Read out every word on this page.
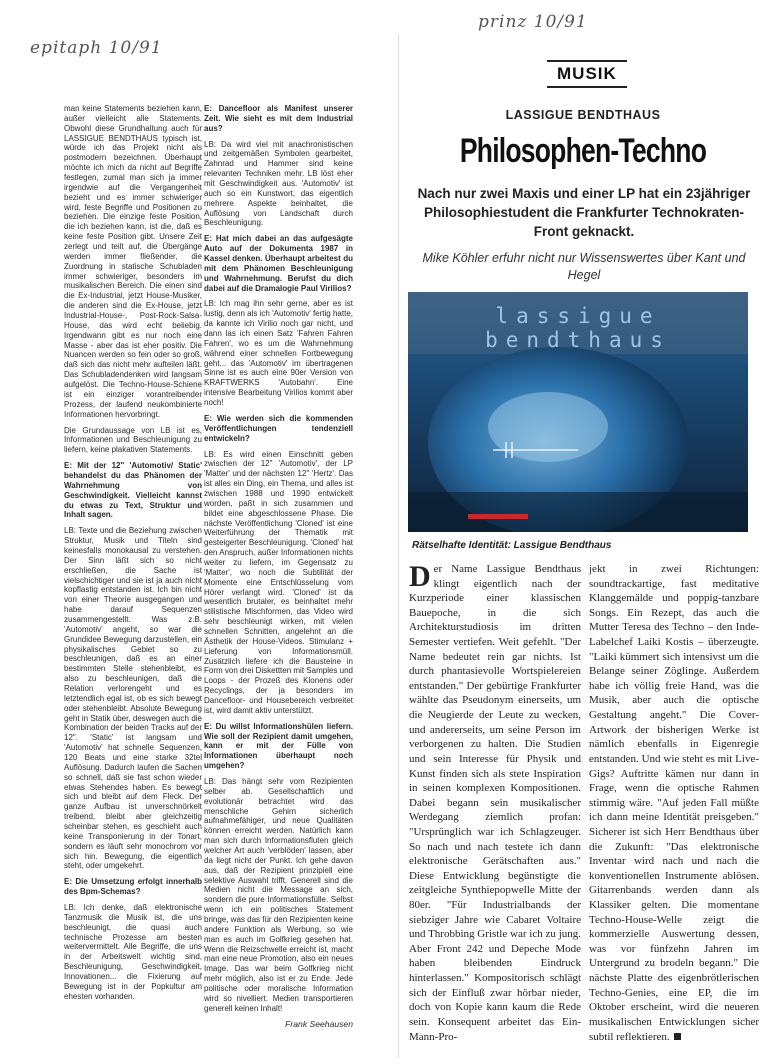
epitaph 10/91
prinz 10/91

man keine Statements beziehen kann, außer vielleicht alle Statements. Obwohl diese Grundhaltung auch für LASSIGUE BENDTHAUS typisch ist, würde ich das Projekt nicht als postmodern bezeichnen. Überhaupt möchte ich mich da nicht auf Begriffe festlegen, zumal man sich ja immer irgendwie auf die Vergangenheit bezieht und es immer schwieriger wird, feste Begriffe und Positionen zu beziehen. Die einzige feste Position, die ich beziehen kann, ist die, daß es keine feste Position gibt. Unsere Zeit zerlegt und teilt auf, die Übergänge werden immer fließender, die Zuordnung in statische Schubladen immer schwieriger, besonders im musikalischen Bereich. Die einen sind die Ex-Industrial, jetzt House-Musiker, die anderen sind die Ex-House, jetzt Industrial-House-, Post-Rock-Salsa-House, das wird echt beliebig. Irgendwann gibt es nur noch eine Masse - aber das ist eher positiv. Die Nuancen werden so fein oder so groß, daß sich das nicht mehr aufteilen läßt. Das Schubladendenken wird langsam aufgelöst. Die Techno-House-Schiene ist ein einziger vorantreibender Prozess, der laufend neukombinierte Informationen hervorbringt.

Die Grundaussage von LB ist es, Informationen und Beschleunigung zu liefern, keine plakativen Statements.

E: Mit der 12" 'Automotiv/ Static' behandelst du das Phänomen der Wahrnehmung von Geschwindigkeit. Vielleicht kannst du etwas zu Text, Struktur und Inhalt sagen.

LB: Texte und die Beziehung zwischen Struktur, Musik und Titeln sind keinesfalls monokausal zu verstehen. Der Sinn läßt sich so nicht erschließen, die Sache ist vielschichtiger und sie ist ja auch nicht kopflastig entstanden ist. Ich bin nicht von einer Theorie ausgegangen und habe darauf Sequenzen zusammengestellt. Was z.B. 'Automotiv' angeht, so war die Grundidee Bewegung darzustellen, ein physikalisches Gebiet so zu beschleunigen, daß es an einer bestimmten Stelle stehenbleibt, es also zu beschleunigen, daß die Relation verlorengeht und es letztendlich egal ist, ob es sich bewegt oder stehenbleibt. Absolute Bewegung geht in Statik über, deswegen auch die Kombination der beiden Tracks auf der 12". 'Static' ist langsam und 'Automotiv' hat schnelle Sequenzen, 120 Beats und eine starke 32tel Auflösung. Dadurch laufen die Sachen so schnell, daß sie fast schon wieder etwas Stehendes haben. Es bewegt sich und bleibt auf dem Fleck. Der ganze Aufbau ist unverschnörkelt treibend, bleibt aber gleichzeitig scheinbar stehen, es geschieht auch keine Transponierung in der Tonart, sondern es läuft sehr monochrom vor sich hin. Bewegung, die eigentlich steht, oder umgekehrt.

E: Die Umsetzung erfolgt innerhalb des Bpm-Schemas?

LB: Ich denke, daß elektronische Tanzmusik die Musik ist, die uns beschleunigt, die quasi auch technische Prozesse am besten weitervermittelt. Alle Begriffe, die uns in der Arbeitswelt wichtig sind, Beschleunigung, Geschwindigkeit, Innovationen... die Fixierung auf Bewegung ist in der Popkultur am ehesten vorhanden.

E: Dancefloor als Manifest unserer Zeit. Wie sieht es mit dem Industrial aus?

LB: Da wird viel mit anachronistischen und zeitgemäßen Symbolen gearbeitet, Zahnrad und Hammer sind keine relevanten Techniken mehr. LB löst eher mit Geschwindigkeit aus. 'Automotiv' ist auch so ein Kunstwort, das eigentlich mehrere Aspekte beinhaltet, die Auflösung von Landschaft durch Beschleunigung.

E: Hat mich dabei an das aufgesägte Auto auf der Dokumenta 1987 in Kassel denken. Überhaupt arbeitest du mit dem Phänomen Beschleunigung und Wahrnehmung. Berufst du dich dabei auf die Dramalogie Paul Virilios?

LB: Ich mag ihn sehr gerne, aber es ist lustig, denn als ich 'Automotiv' fertig hatte, da kannte ich Virilio noch gar nicht, und dann las ich einen Satz 'Fahren Fahren Fahren', wo es um die Wahrnehmung während einer schnellen Fortbewegung geht... das 'Automotiv' im übertragenen Sinne ist es auch eine 90er Version von KRAFTWERKS 'Autobahn'. Eine intensive Bearbeitung Virilios kommt aber noch!

E: Wie werden sich die kommenden Veröffentlichungen tendenziell entwickeln?

LB: Es wird einen Einschnitt geben zwischen der 12" 'Automotiv', der LP 'Matter' und der nächsten 12" 'Hertz'. Das ist alles ein Ding, ein Thema, und alles ist zwischen 1988 und 1990 entwickelt worden, paßt in sich zusammen und bildet eine abgeschlossene Phase. Die nächste Veröffentlichung 'Cloned' ist eine Weiterführung der Thematik mit gesteigerter Beschleunigung. 'Cloned' hat den Anspruch, außer Informationen nichts weiter zu liefern, im Gegensatz zu 'Matter', wo noch die Subtilität der Momente eine Entschlüsselung vom Hörer verlangt wird. 'Cloned' ist da wesentlich brutaler, es beinhaltet mehr stilistische Mischformen, das Video wird sehr beschleunigt wirken, mit vielen schnellen Schnitten, angelehnt an die Ästhetik der House-Videos. Stimulanz + Lieferung von Informationsmüll. Zusätzlich liefere ich die Bausteine in Form von drei Diskettten mit Samples und Loops - der Prozeß des Klonens oder Recyclings, der ja besonders im Dancefloor- und Housebereich verbreitet ist, wird damit aktiv unterstützt.

E: Du willst Informationshülen liefern. Wie soll der Rezipient damit umgehen, kann er mit der Fülle von Informationen überhaupt noch umgehen?

LB: Das hängt sehr vom Rezipienten selber ab. Gesellschaftlich und evolutionär betrachtet wird das menschliche Gehirn sicherlich aufnahmefähiger, und neue Qualitäten können erreicht werden. Natürlich kann man sich durch Informationsfluten gleich welcher Art auch 'verblöden' lassen, aber da liegt nicht der Punkt. Ich gehe davon aus, daß der Rezipient prinzipiell eine selektive Auswahl trifft. Generell sind die Medien nicht die Message an sich, sondern die pure Informationsfülle. Selbst wenn ich ein politisches Statement bringe, was das für den Rezipienten keine andere Funktion als Werbung, so wie man es auch im Golfkrieg gesehen hat. Wenn die Reizschwelle erreicht ist, macht man eine neue Promotion, also ein neues Image. Das war beim Golfkrieg nicht mehr möglich, also ist er zu Ende. Jede politische oder moralische Information wird so nivelliert. Medien transportieren generell keinen Inhalt!

Frank Seehausen
MUSIK
LASSIGUE BENDTHAUS
Philosophen-Techno
Nach nur zwei Maxis und einer LP hat ein 23jähriger Philosophiestudent die Frankfurter Technokraten-Front geknackt.
Mike Köhler erfuhr nicht nur Wissenswertes über Kant und Hegel
lassigue
bendthaus
Rätselhafte Identität: Lassigue Bendthaus

Der Name Lassigue Bendthaus klingt eigentlich nach der Kurzperiode einer klassischen Bauepoche, in die sich Architekturstudiosis im dritten Semester vertiefen. Weit gefehlt. "Der Name bedeutet rein gar nichts. Ist durch phantasievolle Wortspielereien entstanden." Der gebürtige Frankfurter wählte das Pseudonym einerseits, um die Neugierde der Leute zu wecken, und andererseits, um seine Person im verborgenen zu halten. Die Studien und sein Interesse für Physik und Kunst finden sich als stete Inspiration in seinen komplexen Kompositionen. Dabei begann sein musikalischer Werdegang ziemlich profan: "Ursprünglich war ich Schlagzeuger. So nach und nach testete ich dann elektronische Gerätschaften aus." Diese Entwicklung begünstigte die zeitgleiche Synthiepopwelle Mitte der 80er. "Für Industrialbands der siebziger Jahre wie Cabaret Voltaire und Throbbing Gristle war ich zu jung. Aber Front 242 und Depeche Mode haben bleibenden Eindruck hinterlassen." Kompositorisch schlägt sich der Einfluß zwar hörbar nieder, doch von Kopie kann kaum die Rede sein. Konsequent arbeitet das Ein-Mann-Pro-

jekt in zwei Richtungen: soundtrackartige, fast meditative Klanggemälde und poppig-tanzbare Songs. Ein Rezept, das auch die Mutter Teresa des Techno – den Inde-Labelchef Laiki Kostis – überzeugte. "Laiki kümmert sich intensivst um die Belange seiner Zöglinge. Außerdem habe ich völlig freie Hand, was die Musik, aber auch die optische Gestaltung angeht." Die Cover-Artwork der bisherigen Werke ist nämlich ebenfalls in Eigenregie entstanden. Und wie steht es mit Live-Gigs? Auftritte kämen nur dann in Frage, wenn die optische Rahmen stimmig wäre. "Auf jeden Fall müßte ich dann meine Identität preisgeben." Sicherer ist sich Herr Bendthaus über die Zukunft: "Das elektronische Inventar wird nach und nach die konventionellen Instrumente ablösen. Gitarrenbands werden dann als Klassiker gelten. Die momentane Techno-House-Welle zeigt die kommerzielle Auswertung dessen, was vor fünfzehn Jahren im Untergrund zu brodeln begann." Die nächste Platte des eigenbrötlerischen Techno-Genies, eine EP, die im Oktober erscheint, wird die neueren musikalischen Entwicklungen sicher subtil reflektieren.
